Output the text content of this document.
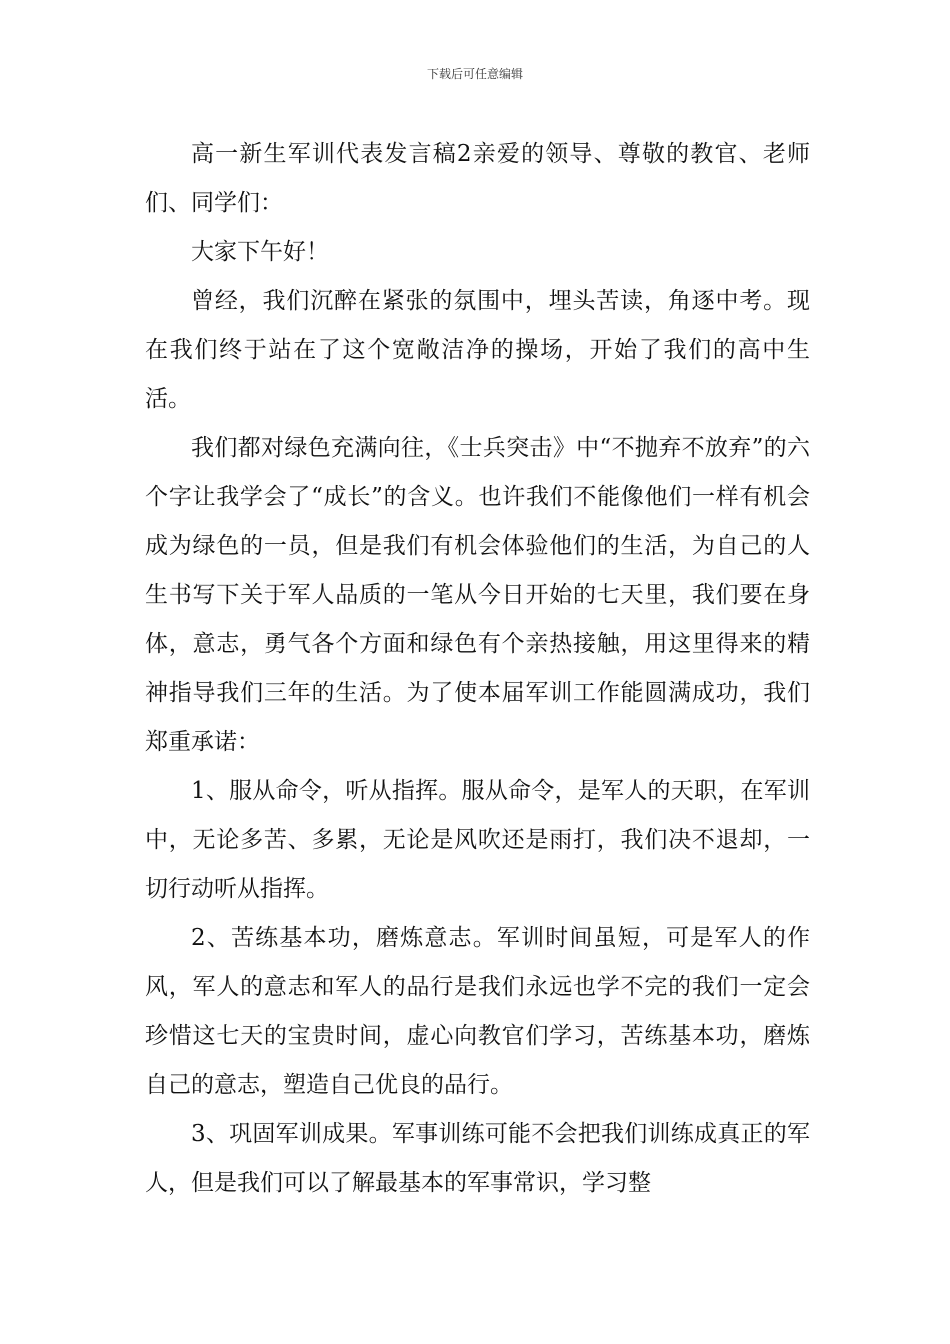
下载后可任意编辑

高一新生军训代表发言稿2亲爱的领导、尊敬的教官、老师们、同学们：

大家下午好！

曾经，我们沉醉在紧张的氛围中，埋头苦读，角逐中考。现在我们终于站在了这个宽敞洁净的操场，开始了我们的高中生活。

我们都对绿色充满向往，《士兵突击》中“不抛弃不放弃”的六个字让我学会了“成长”的含义。也许我们不能像他们一样有机会成为绿色的一员，但是我们有机会体验他们的生活，为自己的人生书写下关于军人品质的一笔从今日开始的七天里，我们要在身体，意志，勇气各个方面和绿色有个亲热接触，用这里得来的精神指导我们三年的生活。为了使本届军训工作能圆满成功，我们郑重承诺：

1、服从命令，听从指挥。服从命令，是军人的天职，在军训中，无论多苦、多累，无论是风吹还是雨打，我们决不退却，一切行动听从指挥。

2、苦练基本功，磨炼意志。军训时间虽短，可是军人的作风，军人的意志和军人的品行是我们永远也学不完的我们一定会珍惜这七天的宝贵时间，虚心向教官们学习，苦练基本功，磨炼自己的意志，塑造自己优良的品行。

3、巩固军训成果。军事训练可能不会把我们训练成真正的军人，但是我们可以了解最基本的军事常识，学习整
